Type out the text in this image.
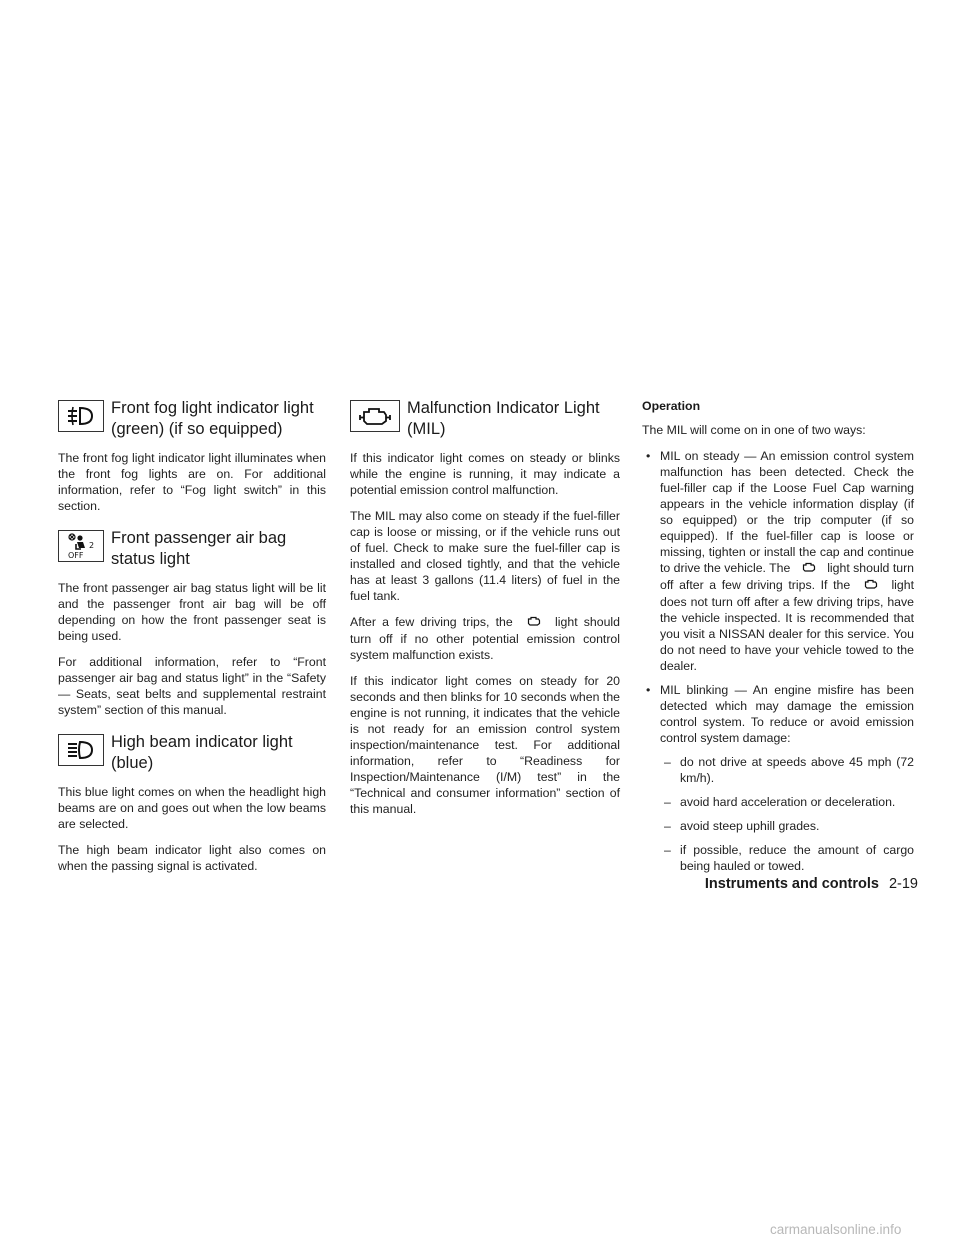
Front fog light indicator light (green) (if so equipped)

The front fog light indicator light illuminates when the front fog lights are on. For additional information, refer to “Fog light switch” in this section.

2
OFF
Front passenger air bag status light

The front passenger air bag status light will be lit and the passenger front air bag will be off depending on how the front passenger seat is being used.

For additional information, refer to “Front passenger air bag and status light” in the “Safety — Seats, seat belts and supplemental restraint system” section of this manual.

High beam indicator light (blue)

This blue light comes on when the headlight high beams are on and goes out when the low beams are selected.

The high beam indicator light also comes on when the passing signal is activated.

Malfunction Indicator Light (MIL)

If this indicator light comes on steady or blinks while the engine is running, it may indicate a potential emission control malfunction.

The MIL may also come on steady if the fuel-filler cap is loose or missing, or if the vehicle runs out of fuel. Check to make sure the fuel-filler cap is installed and closed tightly, and that the vehicle has at least 3 gallons (11.4 liters) of fuel in the fuel tank.

After a few driving trips, the	light should turn off if no other potential emission control system malfunction exists.

If this indicator light comes on steady for 20 seconds and then blinks for 10 seconds when the engine is not running, it indicates that the vehicle is not ready for an emission control system inspection/maintenance test. For additional information, refer to “Readiness for Inspection/Maintenance (I/M) test” in the “Technical and consumer information” section of this manual.

Operation

The MIL will come on in one of two ways:

• MIL on steady — An emission control system malfunction has been detected. Check the fuel-filler cap if the Loose Fuel Cap warning appears in the vehicle information display (if so equipped) or the trip computer (if so equipped). If the fuel-filler cap is loose or missing, tighten or install the cap and continue to drive the vehicle. The	light should turn off after a few driving trips. If the	light does not turn off after a few driving trips, have the vehicle inspected. It is recommended that you visit a NISSAN dealer for this service. You do not need to have your vehicle towed to the dealer.
• MIL blinking — An engine misfire has been detected which may damage the emission control system. To reduce or avoid emission control system damage:
– do not drive at speeds above 45 mph (72 km/h).
– avoid hard acceleration or deceleration.
– avoid steep uphill grades.
– if possible, reduce the amount of cargo being hauled or towed.
Instruments and controls 2-19
carmanualsonline.info
